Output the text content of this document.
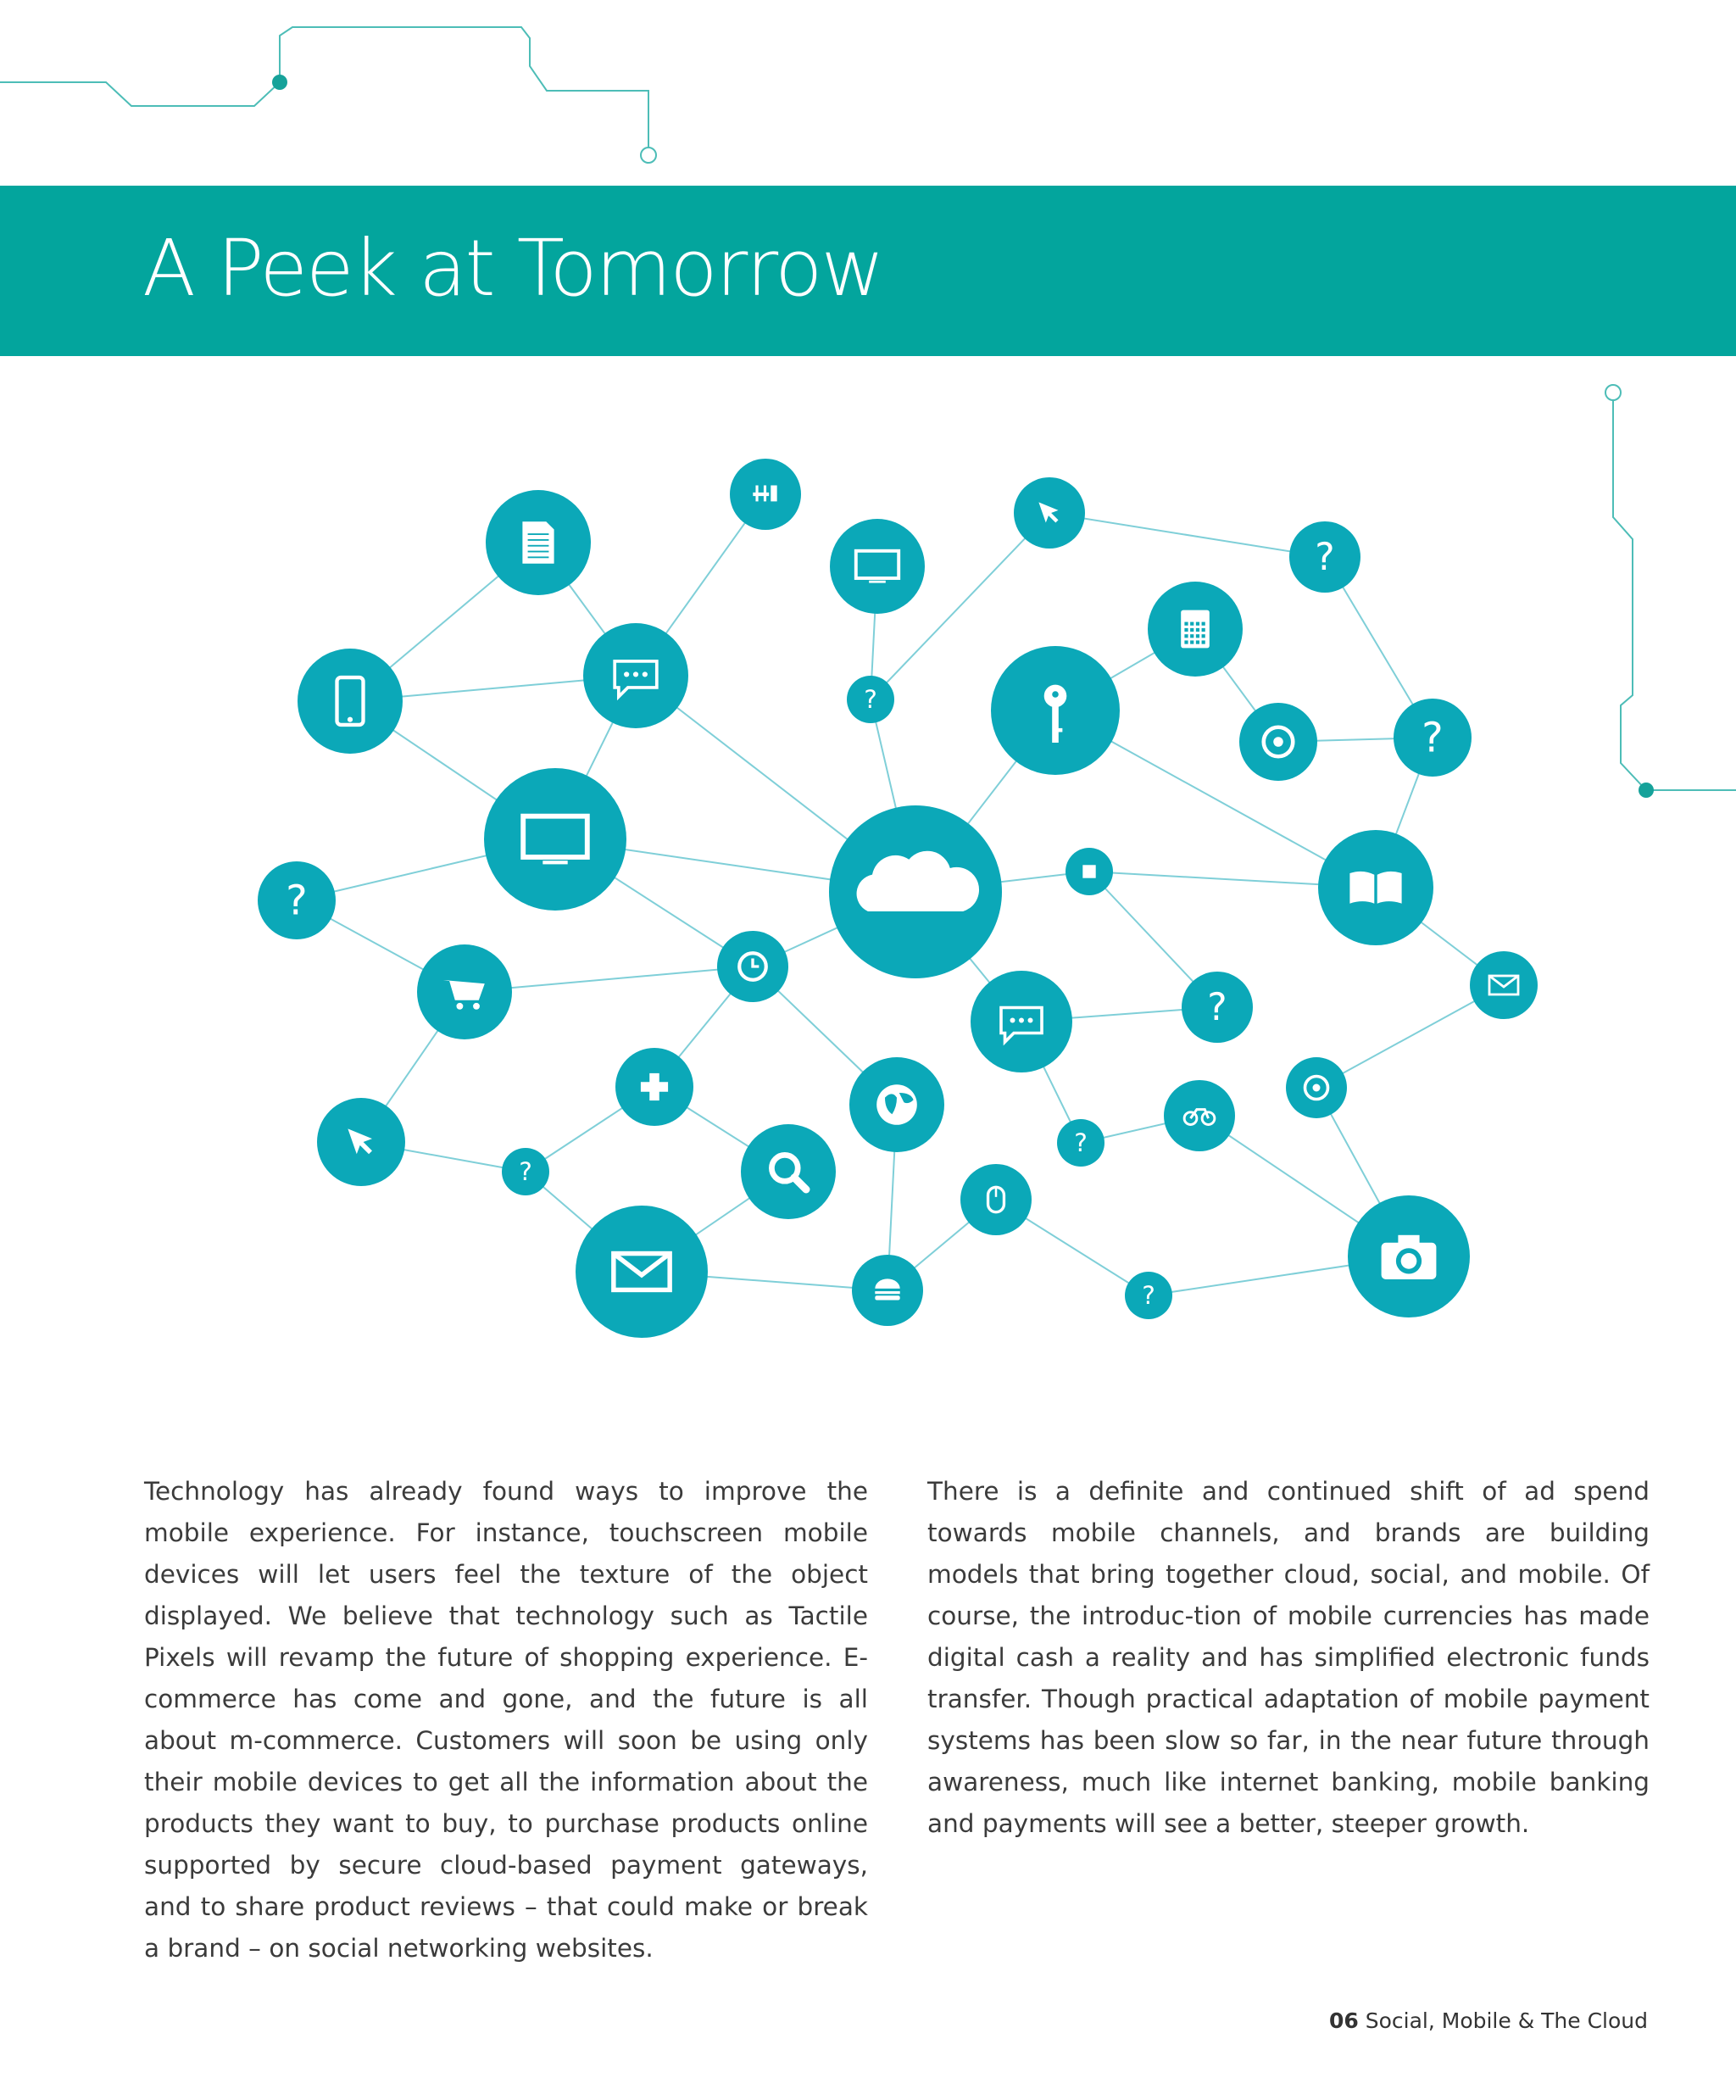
A Peek at Tomorrow
?
?
?
?
?
?
?
?
Technology has already found ways to improve the mobile experience. For instance, touchscreen mobile devices will let users feel the texture of the object displayed. We believe that technology such as Tactile Pixels will revamp the future of shopping experience. E-commerce has come and gone, and the future is all about m-commerce. Customers will soon be using only their mobile devices to get all the information about the products they want to buy, to purchase products online supported by secure cloud-based payment gateways, and to share product reviews – that could make or break a brand – on social networking websites.
There is a definite and continued shift of ad spend towards mobile channels, and brands are building models that bring together cloud, social, and mobile. Of course, the introduc-tion of mobile currencies has made digital cash a reality and has simplified electronic funds transfer. Though practical adaptation of mobile payment systems has been slow so far, in the near future through awareness, much like internet banking, mobile banking and payments will see a better, steeper growth.
06 Social, Mobile & The Cloud
